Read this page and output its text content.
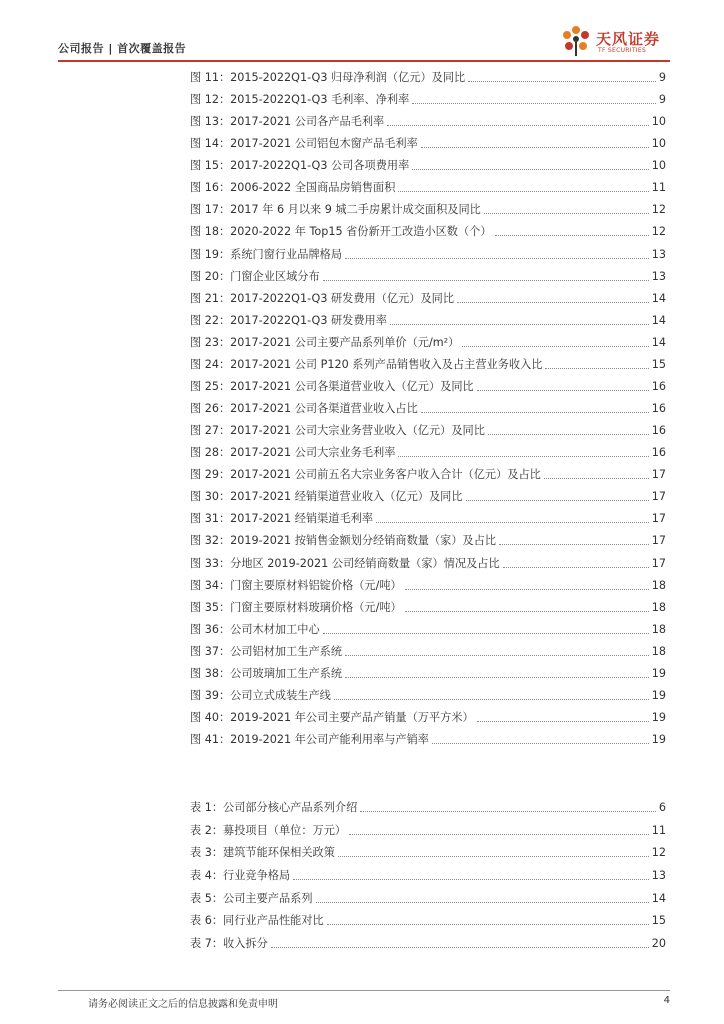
公司报告 | 首次覆盖报告
天风证券
TF SECURITIES
图 11：2015-2022Q1-Q3 归母净利润（亿元）及同比	9
图 12：2015-2022Q1-Q3 毛利率、净利率	9
图 13：2017-2021 公司各产品毛利率	10
图 14：2017-2021 公司铝包木窗产品毛利率	10
图 15：2017-2022Q1-Q3 公司各项费用率	10
图 16：2006-2022 全国商品房销售面积	11
图 17：2017 年 6 月以来 9 城二手房累计成交面积及同比	12
图 18：2020-2022 年 Top15 省份新开工改造小区数（个）	12
图 19：系统门窗行业品牌格局	13
图 20：门窗企业区域分布	13
图 21：2017-2022Q1-Q3 研发费用（亿元）及同比	14
图 22：2017-2022Q1-Q3 研发费用率	14
图 23：2017-2021 公司主要产品系列单价（元/m²）	14
图 24：2017-2021 公司 P120 系列产品销售收入及占主营业务收入比	15
图 25：2017-2021 公司各渠道营业收入（亿元）及同比	16
图 26：2017-2021 公司各渠道营业收入占比	16
图 27：2017-2021 公司大宗业务营业收入（亿元）及同比	16
图 28：2017-2021 公司大宗业务毛利率	16
图 29：2017-2021 公司前五名大宗业务客户收入合计（亿元）及占比	17
图 30：2017-2021 经销渠道营业收入（亿元）及同比	17
图 31：2017-2021 经销渠道毛利率	17
图 32：2019-2021 按销售金额划分经销商数量（家）及占比	17
图 33：分地区 2019-2021 公司经销商数量（家）情况及占比	17
图 34：门窗主要原材料铝锭价格（元/吨）	18
图 35：门窗主要原材料玻璃价格（元/吨）	18
图 36：公司木材加工中心	18
图 37：公司铝材加工生产系统	18
图 38：公司玻璃加工生产系统	19
图 39：公司立式成装生产线	19
图 40：2019-2021 年公司主要产品产销量（万平方米）	19
图 41：2019-2021 年公司产能利用率与产销率	19
表 1：公司部分核心产品系列介绍	6
表 2：募投项目（单位：万元）	11
表 3：建筑节能环保相关政策	12
表 4：行业竞争格局	13
表 5：公司主要产品系列	14
表 6：同行业产品性能对比	15
表 7：收入拆分	20
请务必阅读正文之后的信息披露和免责申明	4
